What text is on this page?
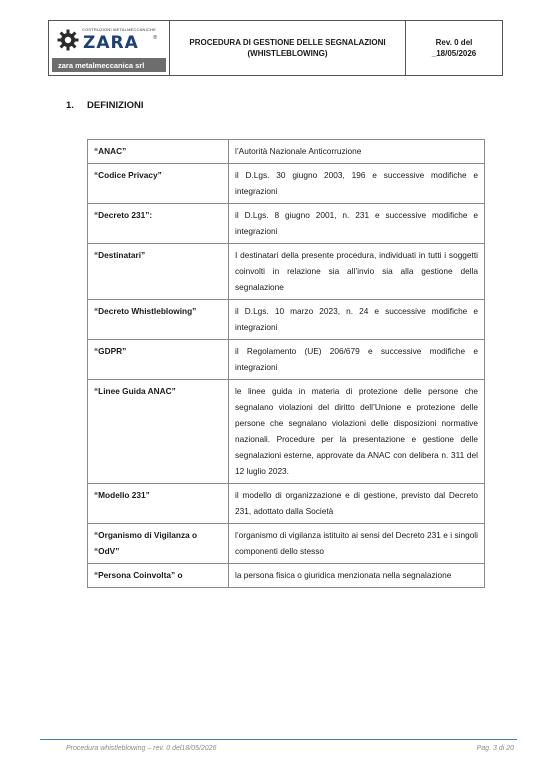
COSTRUZIONI METALMECCANICHE
ZARA	®
zara metalmeccanica srl
PROCEDURA DI GESTIONE DELLE SEGNALAZIONI
(WHISTLEBLOWING)
Rev. 0 del
_18/05/2026
1. DEFINIZIONI
“ANAC”	l’Autorità Nazionale Anticorruzione
“Codice Privacy”	il D.Lgs. 30 giugno 2003, 196 e successive modifiche e integrazioni
“Decreto 231”:	il D.Lgs. 8 giugno 2001, n. 231 e successive modifiche e integrazioni
“Destinatari”	I destinatari della presente procedura, individuati in tutti i soggetti coinvolti in relazione sia all’invio sia alla gestione della segnalazione
“Decreto Whistleblowing”	il D.Lgs. 10 marzo 2023, n. 24 e successive modifiche e integrazioni
“GDPR”	il Regolamento (UE) 206/679 e successive modifiche e integrazioni
“Linee Guida ANAC”	le linee guida in materia di protezione delle persone che segnalano violazioni del diritto dell’Unione e protezione delle persone che segnalano violazioni delle disposizioni normative nazionali. Procedure per la presentazione e gestione delle segnalazioni esterne, approvate da ANAC con delibera n. 311 del 12 luglio 2023.
“Modello 231”	il modello di organizzazione e di gestione, previsto dal Decreto 231, adottato dalla Società
“Organismo di Vigilanza o “OdV”	l’organismo di vigilanza istituito ai sensi del Decreto 231 e i singoli componenti dello stesso
“Persona Coinvolta” o	la persona fisica o giuridica menzionata nella segnalazione
Procedura whistleblowing – rev. 0 del18/05/2026	Pag. 3 di 20
